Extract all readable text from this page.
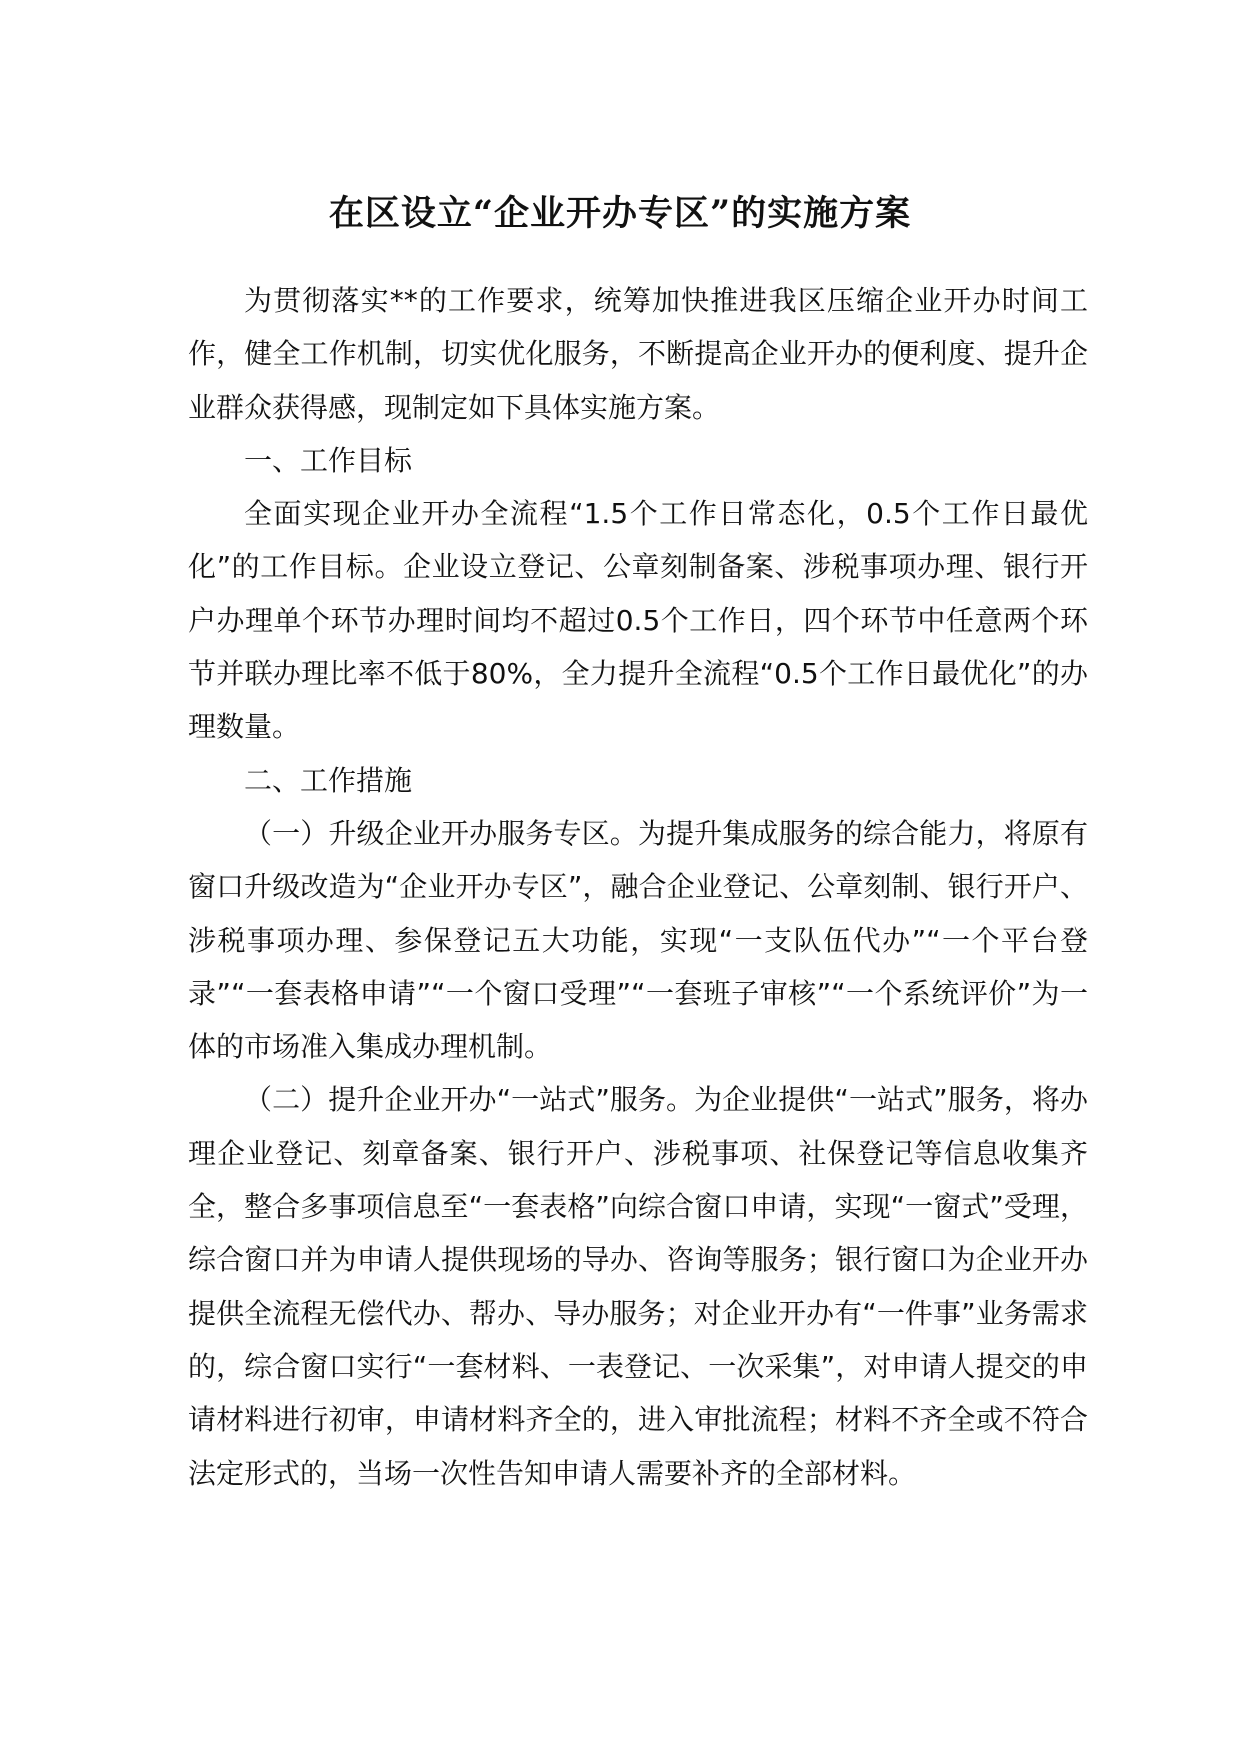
在区设立“企业开办专区”的实施方案

为贯彻落实**的工作要求，统筹加快推进我区压缩企业开办时间工作，健全工作机制，切实优化服务，不断提高企业开办的便利度、提升企业群众获得感，现制定如下具体实施方案。

一、工作目标

全面实现企业开办全流程“1.5个工作日常态化，0.5个工作日最优化”的工作目标。企业设立登记、公章刻制备案、涉税事项办理、银行开户办理单个环节办理时间均不超过0.5个工作日，四个环节中任意两个环节并联办理比率不低于80%，全力提升全流程“0.5个工作日最优化”的办理数量。

二、工作措施

（一）升级企业开办服务专区。为提升集成服务的综合能力，将原有窗口升级改造为“企业开办专区”，融合企业登记、公章刻制、银行开户、涉税事项办理、参保登记五大功能，实现“一支队伍代办”“一个平台登录”“一套表格申请”“一个窗口受理”“一套班子审核”“一个系统评价”为一体的市场准入集成办理机制。

（二）提升企业开办“一站式”服务。为企业提供“一站式”服务，将办理企业登记、刻章备案、银行开户、涉税事项、社保登记等信息收集齐全，整合多事项信息至“一套表格”向综合窗口申请，实现“一窗式”受理，综合窗口并为申请人提供现场的导办、咨询等服务；银行窗口为企业开办提供全流程无偿代办、帮办、导办服务；对企业开办有“一件事”业务需求的，综合窗口实行“一套材料、一表登记、一次采集”，对申请人提交的申请材料进行初审，申请材料齐全的，进入审批流程；材料不齐全或不符合法定形式的，当场一次性告知申请人需要补齐的全部材料。
